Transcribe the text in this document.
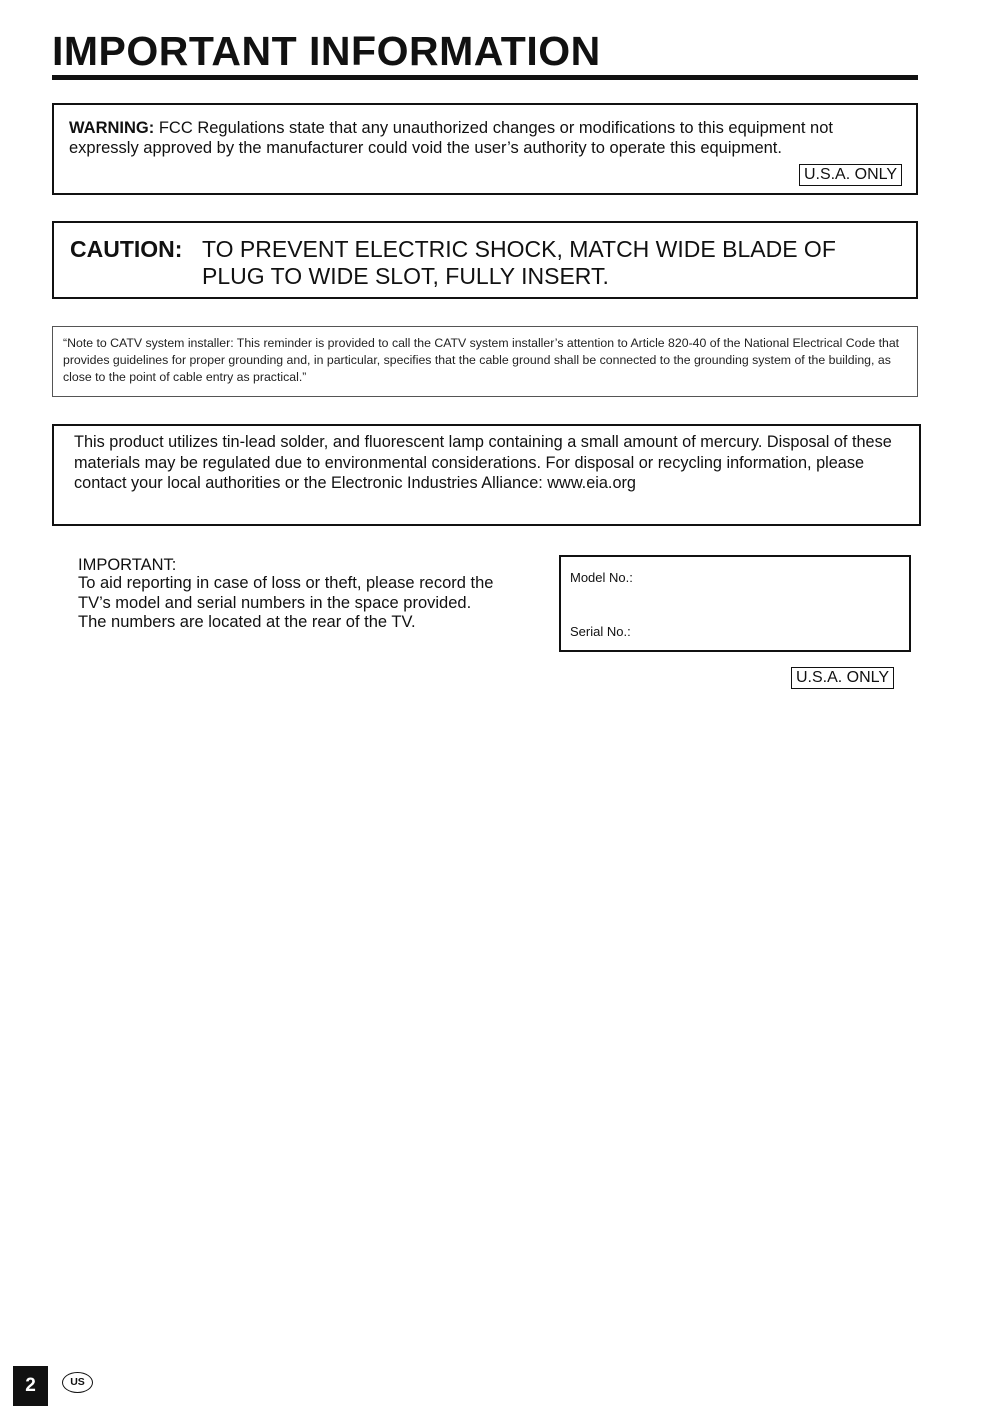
IMPORTANT INFORMATION
WARNING: FCC Regulations state that any unauthorized changes or modifications to this equipment not expressly approved by the manufacturer could void the user’s authority to operate this equipment.
U.S.A. ONLY
CAUTION: TO PREVENT ELECTRIC SHOCK, MATCH WIDE BLADE OF PLUG TO WIDE SLOT, FULLY INSERT.
“Note to CATV system installer: This reminder is provided to call the CATV system installer’s attention to Article 820-40 of the National Electrical Code that provides guidelines for proper grounding and, in particular, specifies that the cable ground shall be connected to the grounding system of the building, as close to the point of cable entry as practical.”
This product utilizes tin-lead solder, and fluorescent lamp containing a small amount of mercury. Disposal of these materials may be regulated due to environmental considerations. For disposal or recycling information, please contact your local authorities or the Electronic Industries Alliance: www.eia.org
IMPORTANT:
To aid reporting in case of loss or theft, please record the TV’s model and serial numbers in the space provided. The numbers are located at the rear of the TV.
Model No.:
Serial No.:
U.S.A. ONLY
2	US
